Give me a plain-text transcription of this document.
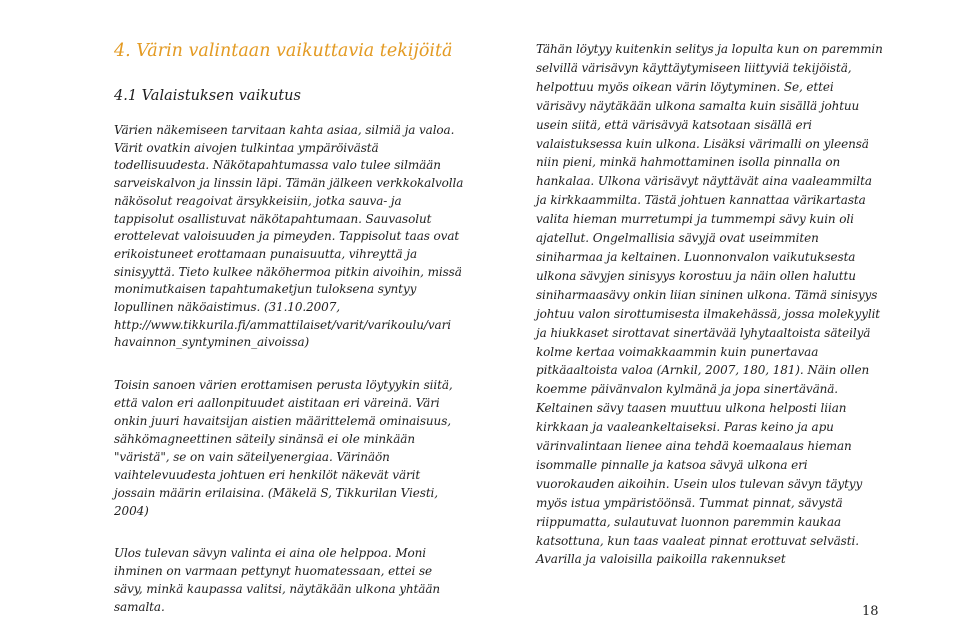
4. Värin valintaan vaikuttavia tekijöitä
4.1 Valaistuksen vaikutus

Värien näkemiseen tarvitaan kahta asiaa, silmiä ja valoa. Värit ovatkin aivojen tulkintaa ympäröivästä todellisuudesta. Näkötapahtumassa valo tulee silmään sarveiskalvon ja linssin läpi. Tämän jälkeen verkkokalvolla näkösolut reagoivat ärsykkeisiin, jotka sauva- ja tappisolut osallistuvat näkötapahtumaan. Sauvasolut erottelevat valoisuuden ja pimeyden. Tappisolut taas ovat erikoistuneet erottamaan punaisuutta, vihreyttä ja sinisyyttä. Tieto kulkee näköhermoa pitkin aivoihin, missä monimutkaisen tapahtumaketjun tuloksena syntyy lopullinen näköaistimus. (31.10.2007, http://www.tikkurila.fi/ammattilaiset/varit/varikoulu/vari havainnon_syntyminen_aivoissa)

Toisin sanoen värien erottamisen perusta löytyykin siitä, että valon eri aallonpituudet aistitaan eri väreinä. Väri onkin juuri havaitsijan aistien määrittelemä ominaisuus, sähkömagneettinen säteily sinänsä ei ole minkään "väristä", se on vain säteilyenergiaa. Värinäön vaihtelevuudesta johtuen eri henkilöt näkevät värit jossain määrin erilaisina. (Mäkelä S, Tikkurilan Viesti, 2004)

Ulos tulevan sävyn valinta ei aina ole helppoa. Moni ihminen on varmaan pettynyt huomatessaan, ettei se sävy, minkä kaupassa valitsi, näytäkään ulkona yhtään samalta.

Tähän löytyy kuitenkin selitys ja lopulta kun on paremmin selvillä värisävyn käyttäytymiseen liittyviä tekijöistä, helpottuu myös oikean värin löytyminen. Se, ettei värisävy näytäkään ulkona samalta kuin sisällä johtuu usein siitä, että värisävyä katsotaan sisällä eri valaistuksessa kuin ulkona. Lisäksi värimalli on yleensä niin pieni, minkä hahmottaminen isolla pinnalla on hankalaa. Ulkona värisävyt näyttävät aina vaaleammilta ja kirkkaammilta. Tästä johtuen kannattaa värikartasta valita hieman murretumpi ja tummempi sävy kuin oli ajatellut. Ongelmallisia sävyjä ovat useimmiten siniharmaa ja keltainen. Luonnonvalon vaikutuksesta ulkona sävyjen sinisyys korostuu ja näin ollen haluttu siniharmaasävy onkin liian sininen ulkona. Tämä sinisyys johtuu valon sirottumisesta ilmakehässä, jossa molekyylit ja hiukkaset sirottavat sinertävää lyhytaaltoista säteilyä kolme kertaa voimakkaammin kuin punertavaa pitkäaaltoista valoa (Arnkil, 2007, 180, 181). Näin ollen koemme päivänvalon kylmänä ja jopa sinertävänä. Keltainen sävy taasen muuttuu ulkona helposti liian kirkkaan ja vaaleankeltaiseksi. Paras keino ja apu värinvalintaan lienee aina tehdä koemaalaus hieman isommalle pinnalle ja katsoa sävyä ulkona eri vuorokauden aikoihin. Usein ulos tulevan sävyn täytyy myös istua ympäristöönsä. Tummat pinnat, sävystä riippumatta, sulautuvat luonnon paremmin kaukaa katsottuna, kun taas vaaleat pinnat erottuvat selvästi. Avarilla ja valoisilla paikoilla rakennukset

18
